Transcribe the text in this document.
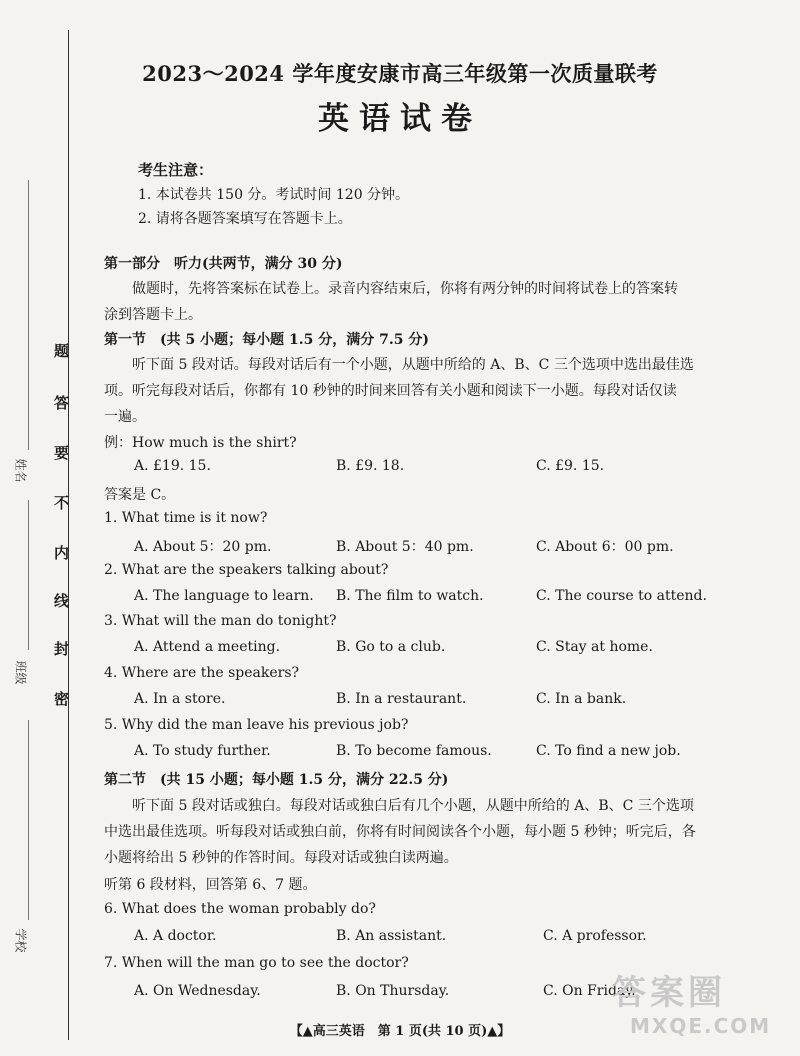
题
答
要
不
内
线
封
密
姓名
班级
学校
2023～2024 学年度安康市高三年级第一次质量联考
英语试卷
考生注意：
1. 本试卷共 150 分。考试时间 120 分钟。
2. 请将各题答案填写在答题卡上。
第一部分　听力(共两节，满分 30 分)
做题时，先将答案标在试卷上。录音内容结束后，你将有两分钟的时间将试卷上的答案转
涂到答题卡上。
第一节　(共 5 小题；每小题 1.5 分，满分 7.5 分)
听下面 5 段对话。每段对话后有一个小题，从题中所给的 A、B、C 三个选项中选出最佳选
项。听完每段对话后，你都有 10 秒钟的时间来回答有关小题和阅读下一小题。每段对话仅读
一遍。
例：How much is the shirt?
A. £19. 15.	B. £9. 18.	C. £9. 15.
答案是 C。
1. What time is it now?
A. About 5：20 pm.	B. About 5：40 pm.	C. About 6：00 pm.
2. What are the speakers talking about?
A. The language to learn. B. The film to watch.	C. The course to attend.
3. What will the man do tonight?
A. Attend a meeting.	B. Go to a club.	C. Stay at home.
4. Where are the speakers?
A. In a store.	B. In a restaurant.	C. In a bank.
5. Why did the man leave his previous job?
A. To study further.	B. To become famous.	C. To find a new job.
第二节　(共 15 小题；每小题 1.5 分，满分 22.5 分)
听下面 5 段对话或独白。每段对话或独白后有几个小题，从题中所给的 A、B、C 三个选项
中选出最佳选项。听每段对话或独白前，你将有时间阅读各个小题，每小题 5 秒钟；听完后，各
小题将给出 5 秒钟的作答时间。每段对话或独白读两遍。
听第 6 段材料，回答第 6、7 题。
6. What does the woman probably do?
A. A doctor.	B. An assistant.	C. A professor.
7. When will the man go to see the doctor?
A. On Wednesday.	B. On Thursday.	C. On Friday.
答案圈
MXQE.COM
【▲高三英语　第 1 页(共 10 页)▲】
